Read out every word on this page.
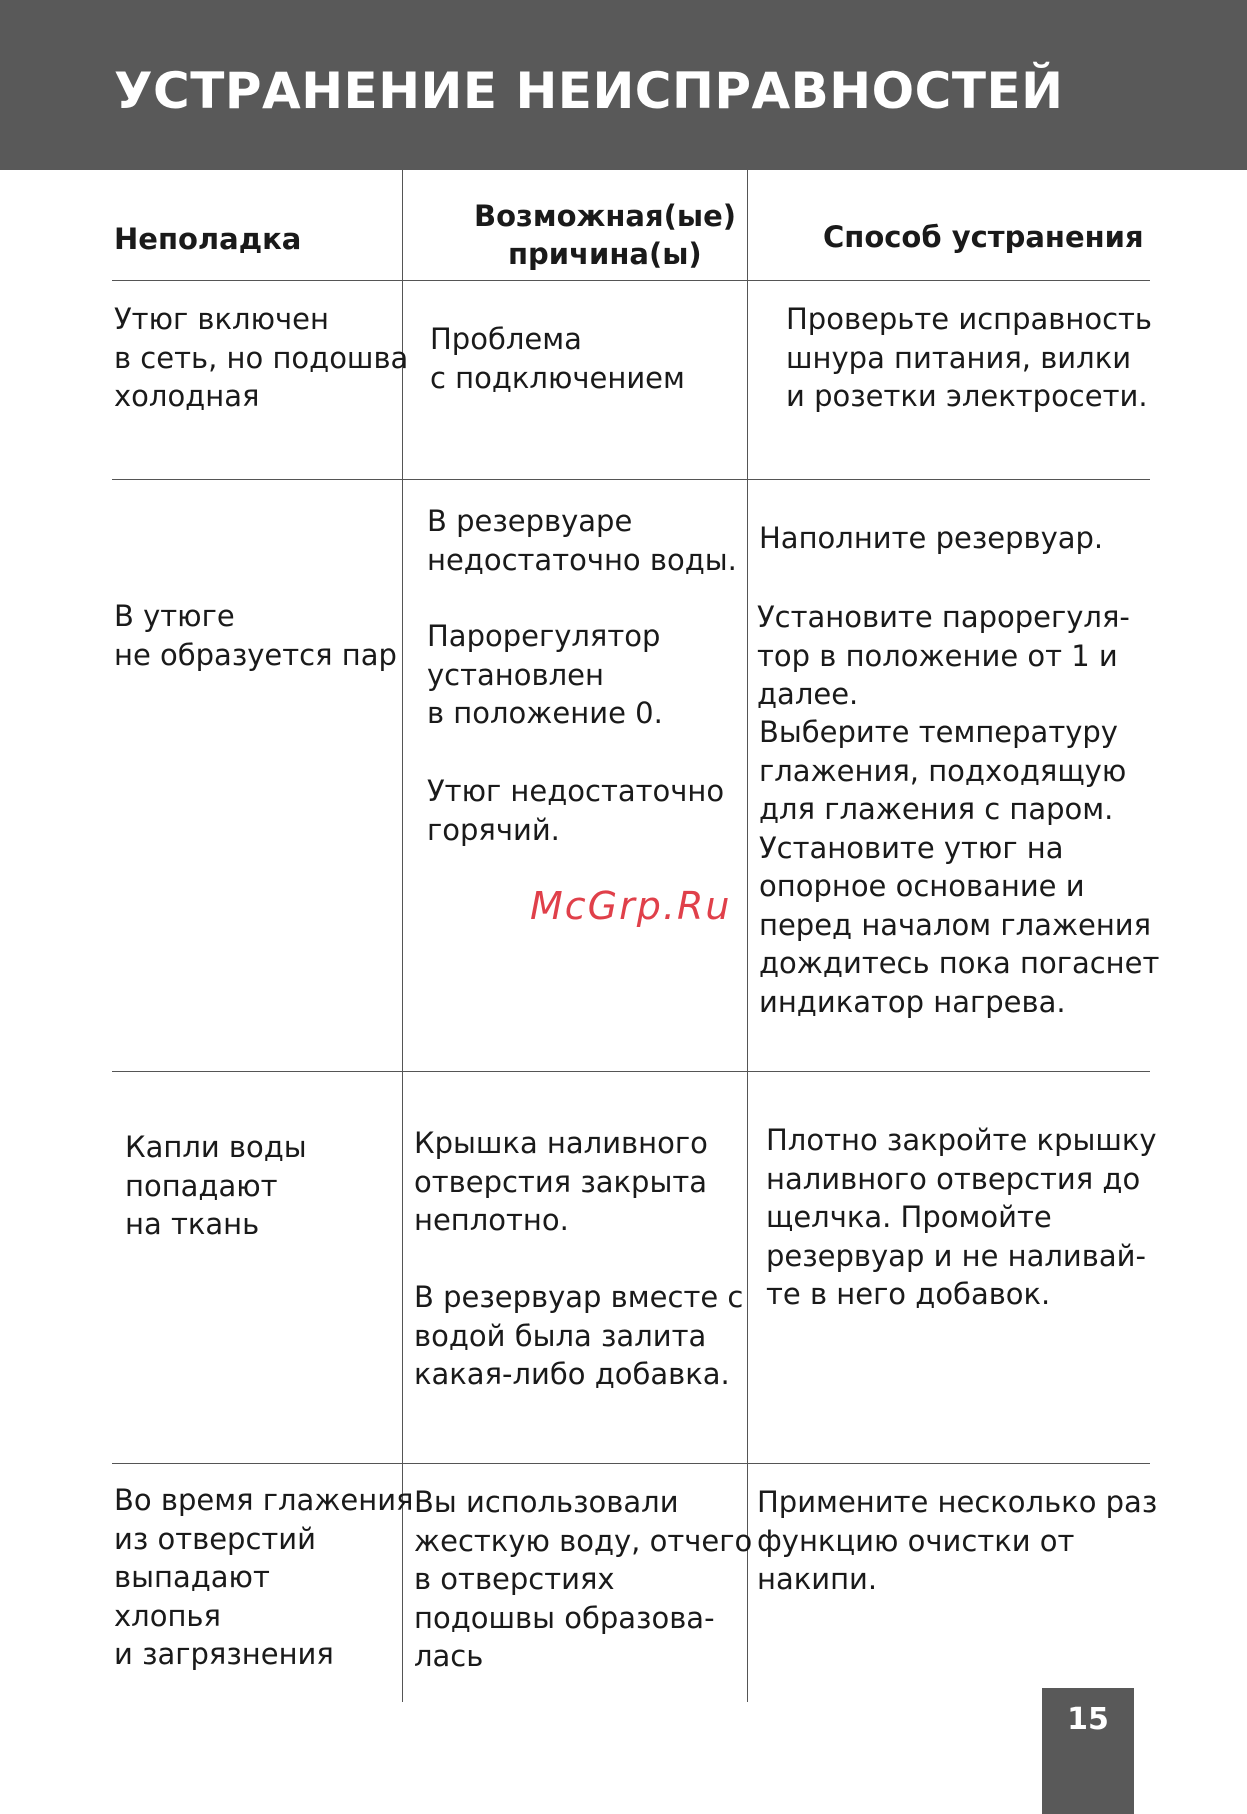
УСТРАНЕНИЕ НЕИСПРАВНОСТЕЙ

Неполадка

Возможная(ые)

причина(ы)	Способ устранения

Утюг включен
в сеть, но подошва
холодная

Проблема
с подключением

Проверьте исправность
шнура питания, вилки
и розетки электросети.

В утюге
не образуется пар

В резервуаре
недостаточно воды.

Парорегулятор
установлен
в положение 0.

Утюг недостаточно
горячий.

Наполните резервуар.

Установите парорегуля-
тор в положение от 1 и
далее.

Выберите температуру
глажения, подходящую
для глажения с паром.
Установите утюг на
опорное основание и
перед началом глажения
дождитесь пока погаснет
индикатор нагрева.

Капли воды
попадают
на ткань

Крышка наливного
отверстия закрыта
неплотно.

В резервуар вместе с
водой была залита
какая-либо добавка.

Плотно закройте крышку
наливного отверстия до
щелчка. Промойте
резервуар и не наливай-
те в него добавок.

Во время глажения
из отверстий
выпадают
хлопья
и загрязнения

Вы использовали
жесткую воду, отчего
в отверстиях
подошвы образова-
лась

Примените несколько раз
функцию очистки от
накипи.

McGrp.Ru

15
